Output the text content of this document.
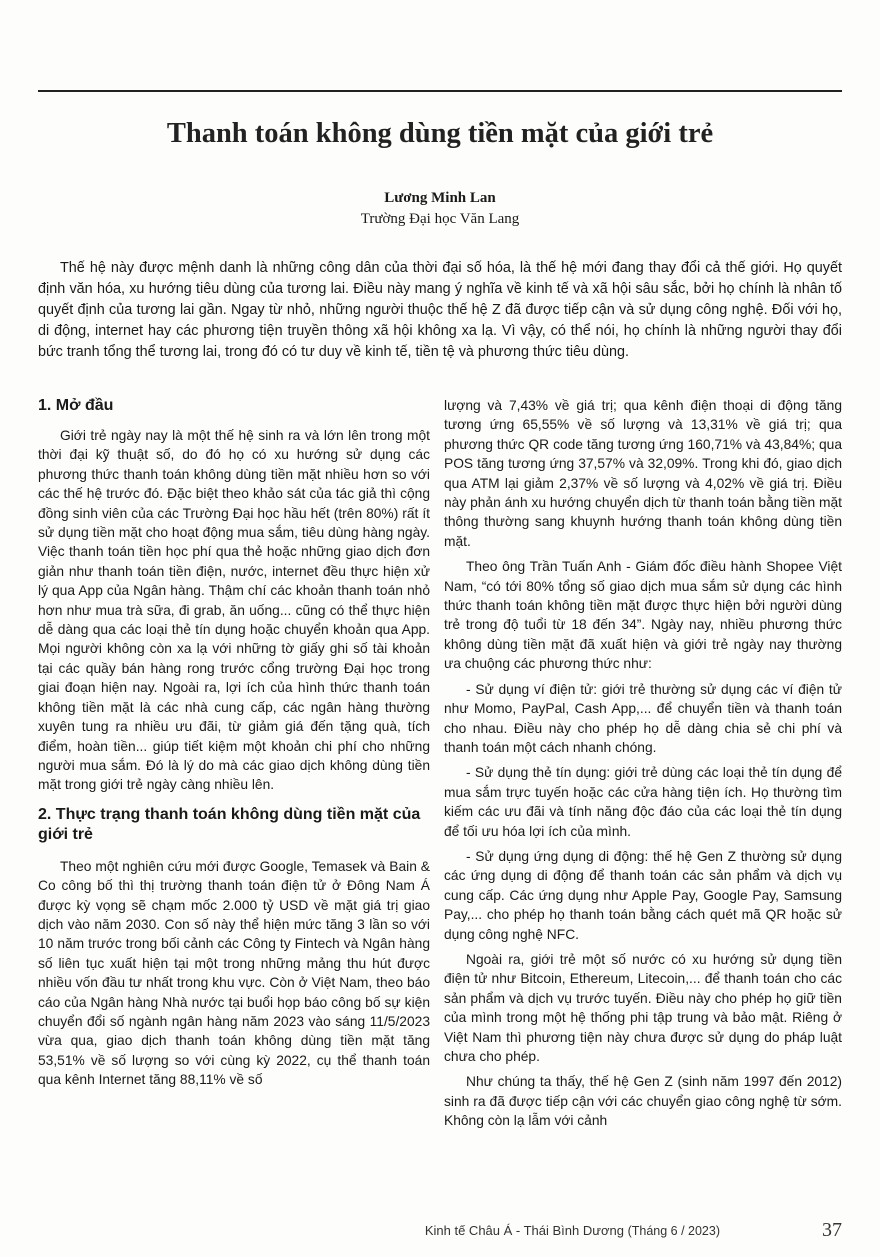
Thanh toán không dùng tiền mặt của giới trẻ
Lương Minh Lan
Trường Đại học Văn Lang

Thế hệ này được mệnh danh là những công dân của thời đại số hóa, là thế hệ mới đang thay đổi cả thế giới. Họ quyết định văn hóa, xu hướng tiêu dùng của tương lai. Điều này mang ý nghĩa về kinh tế và xã hội sâu sắc, bởi họ chính là nhân tố quyết định của tương lai gần. Ngay từ nhỏ, những người thuộc thế hệ Z đã được tiếp cận và sử dụng công nghệ. Đối với họ, di động, internet hay các phương tiện truyền thông xã hội không xa lạ. Vì vậy, có thể nói, họ chính là những người thay đổi bức tranh tổng thể tương lai, trong đó có tư duy về kinh tế, tiền tệ và phương thức tiêu dùng.

1. Mở đầu

Giới trẻ ngày nay là một thế hệ sinh ra và lớn lên trong một thời đại kỹ thuật số, do đó họ có xu hướng sử dụng các phương thức thanh toán không dùng tiền mặt nhiều hơn so với các thế hệ trước đó. Đặc biệt theo khảo sát của tác giả thì cộng đồng sinh viên của các Trường Đại học hầu hết (trên 80%) rất ít sử dụng tiền mặt cho hoạt động mua sắm, tiêu dùng hàng ngày. Việc thanh toán tiền học phí qua thẻ hoặc những giao dịch đơn giản như thanh toán tiền điện, nước, internet đều thực hiện xử lý qua App của Ngân hàng. Thậm chí các khoản thanh toán nhỏ hơn như mua trà sữa, đi grab, ăn uống... cũng có thể thực hiện dễ dàng qua các loại thẻ tín dụng hoặc chuyển khoản qua App. Mọi người không còn xa lạ với những tờ giấy ghi số tài khoản tại các quầy bán hàng rong trước cổng trường Đại học trong giai đoạn hiện nay. Ngoài ra, lợi ích của hình thức thanh toán không tiền mặt là các nhà cung cấp, các ngân hàng thường xuyên tung ra nhiều ưu đãi, từ giảm giá đến tặng quà, tích điểm, hoàn tiền... giúp tiết kiệm một khoản chi phí cho những người mua sắm. Đó là lý do mà các giao dịch không dùng tiền mặt trong giới trẻ ngày càng nhiều lên.

2. Thực trạng thanh toán không dùng tiền mặt của giới trẻ

Theo một nghiên cứu mới được Google, Temasek và Bain & Co công bố thì thị trường thanh toán điện tử ở Đông Nam Á được kỳ vọng sẽ chạm mốc 2.000 tỷ USD về mặt giá trị giao dịch vào năm 2030. Con số này thể hiện mức tăng 3 lần so với 10 năm trước trong bối cảnh các Công ty Fintech và Ngân hàng số liên tục xuất hiện tại một trong những mảng thu hút được nhiều vốn đầu tư nhất trong khu vực. Còn ở Việt Nam, theo báo cáo của Ngân hàng Nhà nước tại buổi họp báo công bố sự kiện chuyển đổi số ngành ngân hàng năm 2023 vào sáng 11/5/2023 vừa qua, giao dịch thanh toán không dùng tiền mặt tăng 53,51% về số lượng so với cùng kỳ 2022, cụ thể thanh toán qua kênh Internet tăng 88,11% về số

lượng và 7,43% về giá trị; qua kênh điện thoại di động tăng tương ứng 65,55% về số lượng và 13,31% về giá trị; qua phương thức QR code tăng tương ứng 160,71% và 43,84%; qua POS tăng tương ứng 37,57% và 32,09%. Trong khi đó, giao dịch qua ATM lại giảm 2,37% về số lượng và 4,02% về giá trị. Điều này phản ánh xu hướng chuyển dịch từ thanh toán bằng tiền mặt thông thường sang khuynh hướng thanh toán không dùng tiền mặt.

Theo ông Trần Tuấn Anh - Giám đốc điều hành Shopee Việt Nam, “có tới 80% tổng số giao dịch mua sắm sử dụng các hình thức thanh toán không tiền mặt được thực hiện bởi người dùng trẻ trong độ tuổi từ 18 đến 34”. Ngày nay, nhiều phương thức không dùng tiền mặt đã xuất hiện và giới trẻ ngày nay thường ưa chuộng các phương thức như:

- Sử dụng ví điện tử: giới trẻ thường sử dụng các ví điện tử như Momo, PayPal, Cash App,... để chuyển tiền và thanh toán cho nhau. Điều này cho phép họ dễ dàng chia sẻ chi phí và thanh toán một cách nhanh chóng.

- Sử dụng thẻ tín dụng: giới trẻ dùng các loại thẻ tín dụng để mua sắm trực tuyến hoặc các cửa hàng tiện ích. Họ thường tìm kiếm các ưu đãi và tính năng độc đáo của các loại thẻ tín dụng để tối ưu hóa lợi ích của mình.

- Sử dụng ứng dụng di động: thế hệ Gen Z thường sử dụng các ứng dụng di động để thanh toán các sản phẩm và dịch vụ cung cấp. Các ứng dụng như Apple Pay, Google Pay, Samsung Pay,... cho phép họ thanh toán bằng cách quét mã QR hoặc sử dụng công nghệ NFC.

Ngoài ra, giới trẻ một số nước có xu hướng sử dụng tiền điện tử như Bitcoin, Ethereum, Litecoin,... để thanh toán cho các sản phẩm và dịch vụ trước tuyến. Điều này cho phép họ giữ tiền của mình trong một hệ thống phi tập trung và bảo mật. Riêng ở Việt Nam thì phương tiện này chưa được sử dụng do pháp luật chưa cho phép.

Như chúng ta thấy, thế hệ Gen Z (sinh năm 1997 đến 2012) sinh ra đã được tiếp cận với các chuyển giao công nghệ từ sớm. Không còn lạ lẫm với cảnh

Kinh tế Châu Á - Thái Bình Dương (Tháng 6 / 2023)	37
